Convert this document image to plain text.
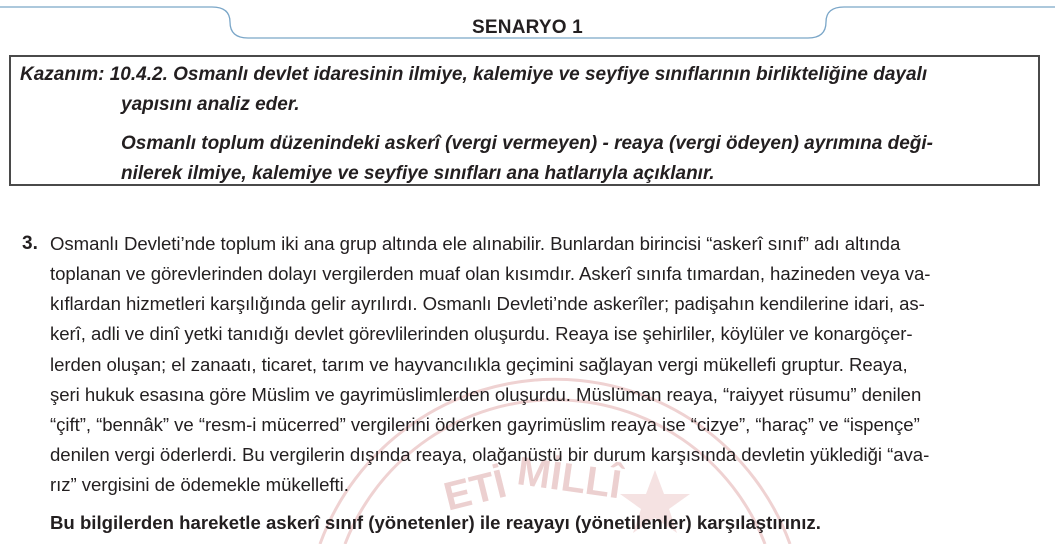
SENARYO 1
ETİ MİLLÎ
Kazanım: 10.4.2. Osmanlı devlet idaresinin ilmiye, kalemiye ve seyfiye sınıflarının birlikteliğine dayalı
yapısını analiz eder.
Osmanlı toplum düzenindeki askerî (vergi vermeyen) - reaya (vergi ödeyen) ayrımına deği-
nilerek ilmiye, kalemiye ve seyfiye sınıfları ana hatlarıyla açıklanır.
3. Osmanlı Devleti’nde toplum iki ana grup altında ele alınabilir. Bunlardan birincisi “askerî sınıf” adı altında
toplanan ve görevlerinden dolayı vergilerden muaf olan kısımdır. Askerî sınıfa tımardan, hazineden veya va-
kıflardan hizmetleri karşılığında gelir ayrılırdı. Osmanlı Devleti’nde askerîler; padişahın kendilerine idari, as-
kerî, adli ve dinî yetki tanıdığı devlet görevlilerinden oluşurdu. Reaya ise şehirliler, köylüler ve konargöçer-
lerden oluşan; el zanaatı, ticaret, tarım ve hayvancılıkla geçimini sağlayan vergi mükellefi gruptur. Reaya,
şeri hukuk esasına göre Müslim ve gayrimüslimlerden oluşurdu. Müslüman reaya, “raiyyet rüsumu” denilen
“çift”, “bennâk” ve “resm-i mücerred” vergilerini öderken gayrimüslim reaya ise “cizye”, “haraç” ve “ispençe”
denilen vergi öderlerdi. Bu vergilerin dışında reaya, olağanüstü bir durum karşısında devletin yüklediği “ava-
rız” vergisini de ödemekle mükellefti.
Bu bilgilerden hareketle askerî sınıf (yönetenler) ile reayayı (yönetilenler) karşılaştırınız.
